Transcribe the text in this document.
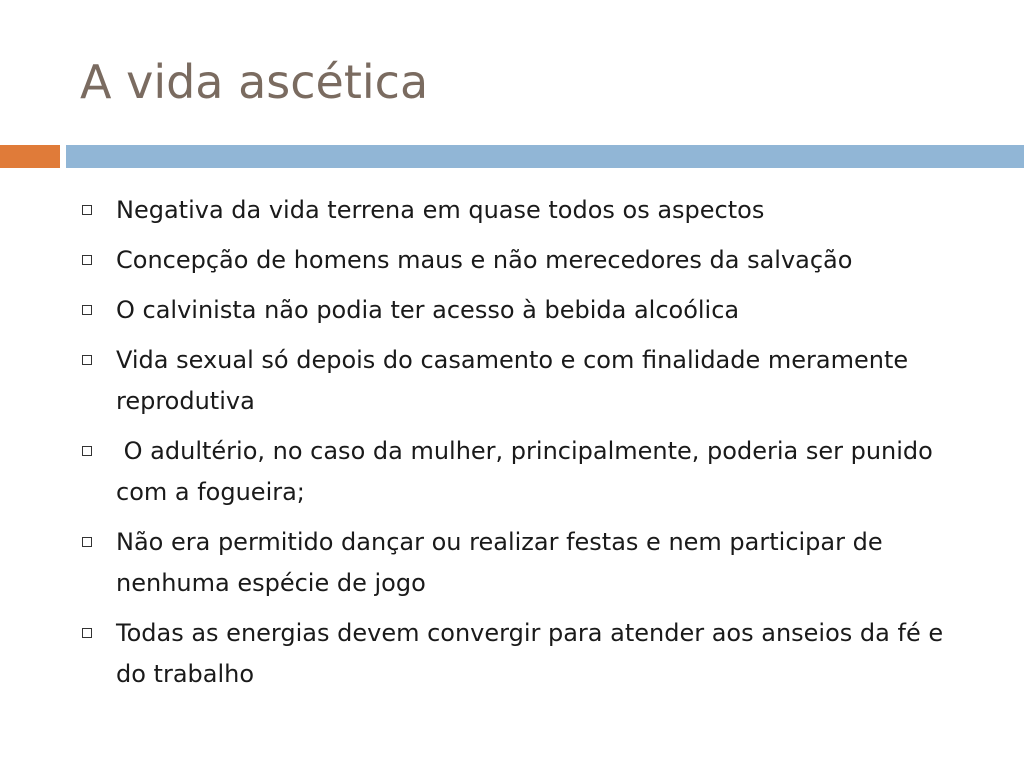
A vida ascética
Negativa da vida terrena em quase todos os aspectos
Concepção de homens maus e não merecedores da salvação
O calvinista não podia ter acesso à bebida alcoólica
Vida sexual só depois do casamento e com finalidade meramente reprodutiva
O adultério, no caso da mulher, principalmente, poderia ser punido com a fogueira;
Não era permitido dançar ou realizar festas e nem participar de nenhuma espécie de jogo
Todas as energias devem convergir para atender aos anseios da fé e do trabalho
